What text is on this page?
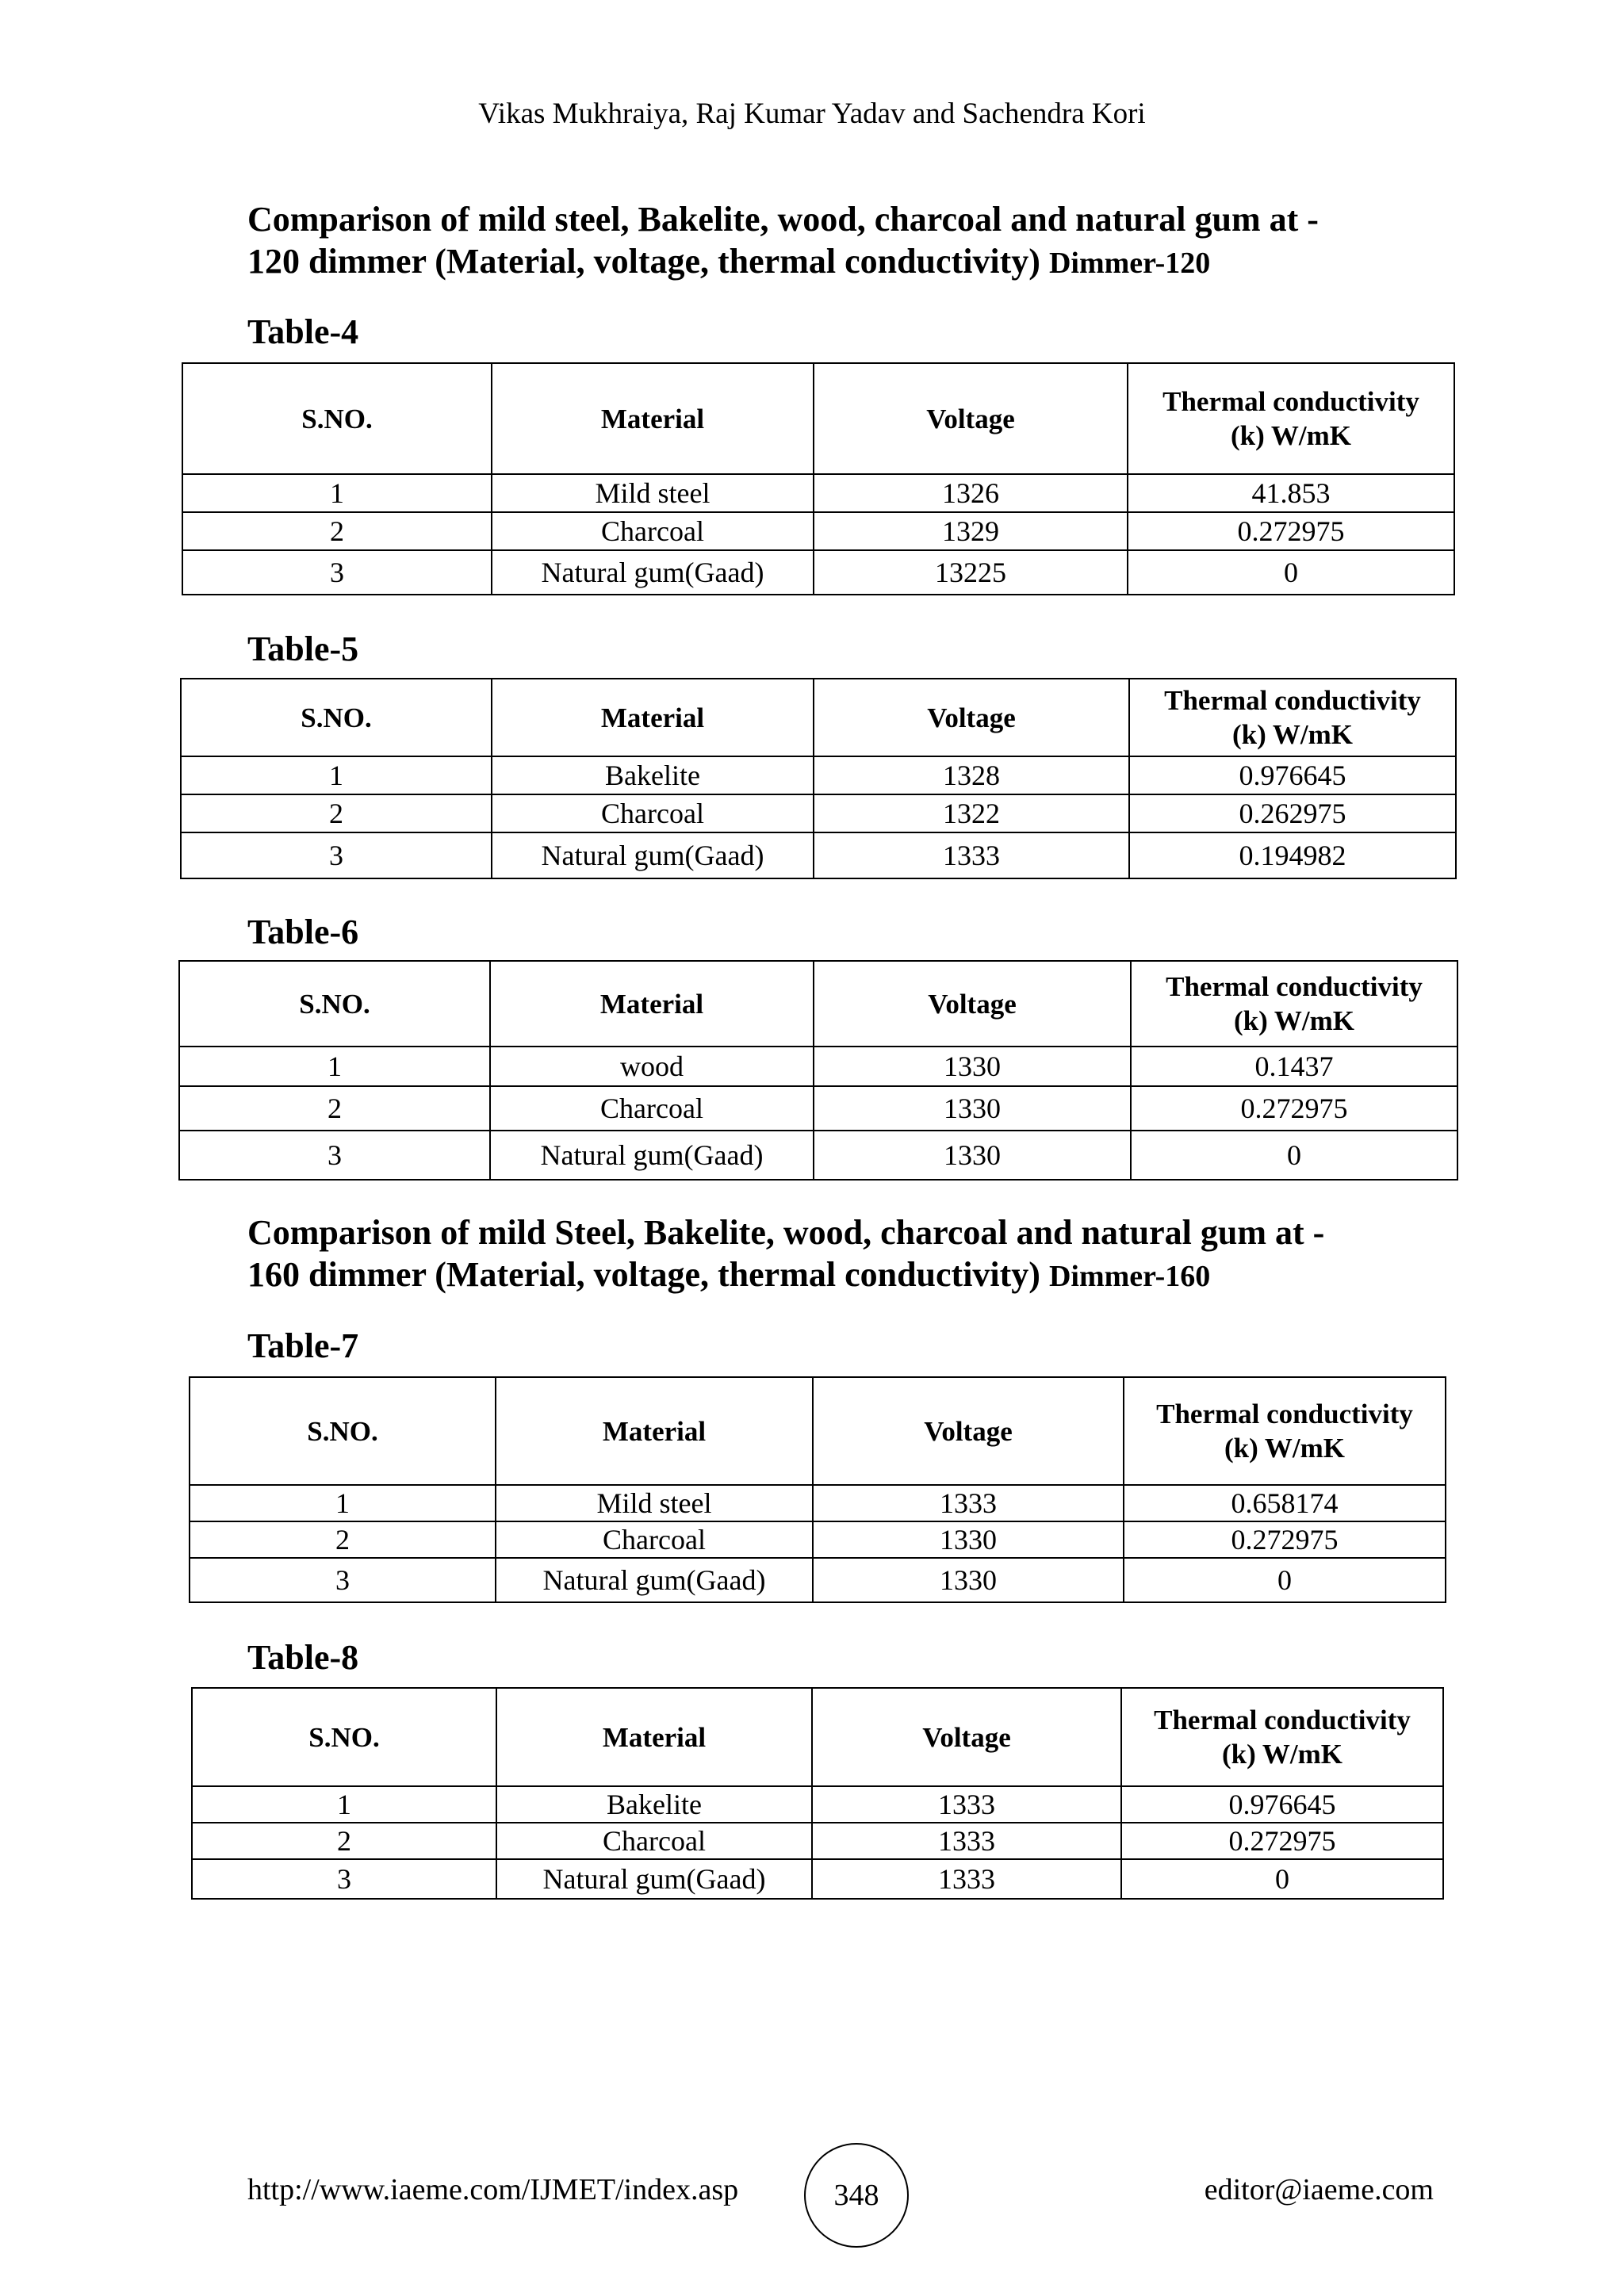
Vikas Mukhraiya, Raj Kumar Yadav and Sachendra Kori
Comparison of mild steel, Bakelite, wood, charcoal and natural gum at -
120 dimmer (Material, voltage, thermal conductivity) Dimmer-120
Table-4
S.NO.	Material	Voltage	Thermal conductivity
(k) W/mK
1	Mild steel	1326	41.853
2	Charcoal	1329	0.272975
3	Natural gum(Gaad)	13225	0
Table-5
S.NO.	Material	Voltage	Thermal conductivity
(k) W/mK
1	Bakelite	1328	0.976645
2	Charcoal	1322	0.262975
3	Natural gum(Gaad)	1333	0.194982
Table-6
S.NO.	Material	Voltage	Thermal conductivity
(k) W/mK
1	wood	1330	0.1437
2	Charcoal	1330	0.272975
3	Natural gum(Gaad)	1330	0
Comparison of mild Steel, Bakelite, wood, charcoal and natural gum at -
160 dimmer (Material, voltage, thermal conductivity) Dimmer-160
Table-7
S.NO.	Material	Voltage	Thermal conductivity
(k) W/mK
1	Mild steel	1333	0.658174
2	Charcoal	1330	0.272975
3	Natural gum(Gaad)	1330	0
Table-8
S.NO.	Material	Voltage	Thermal conductivity
(k) W/mK
1	Bakelite	1333	0.976645
2	Charcoal	1333	0.272975
3	Natural gum(Gaad)	1333	0
http://www.iaeme.com/IJMET/index.asp	348	editor@iaeme.com
